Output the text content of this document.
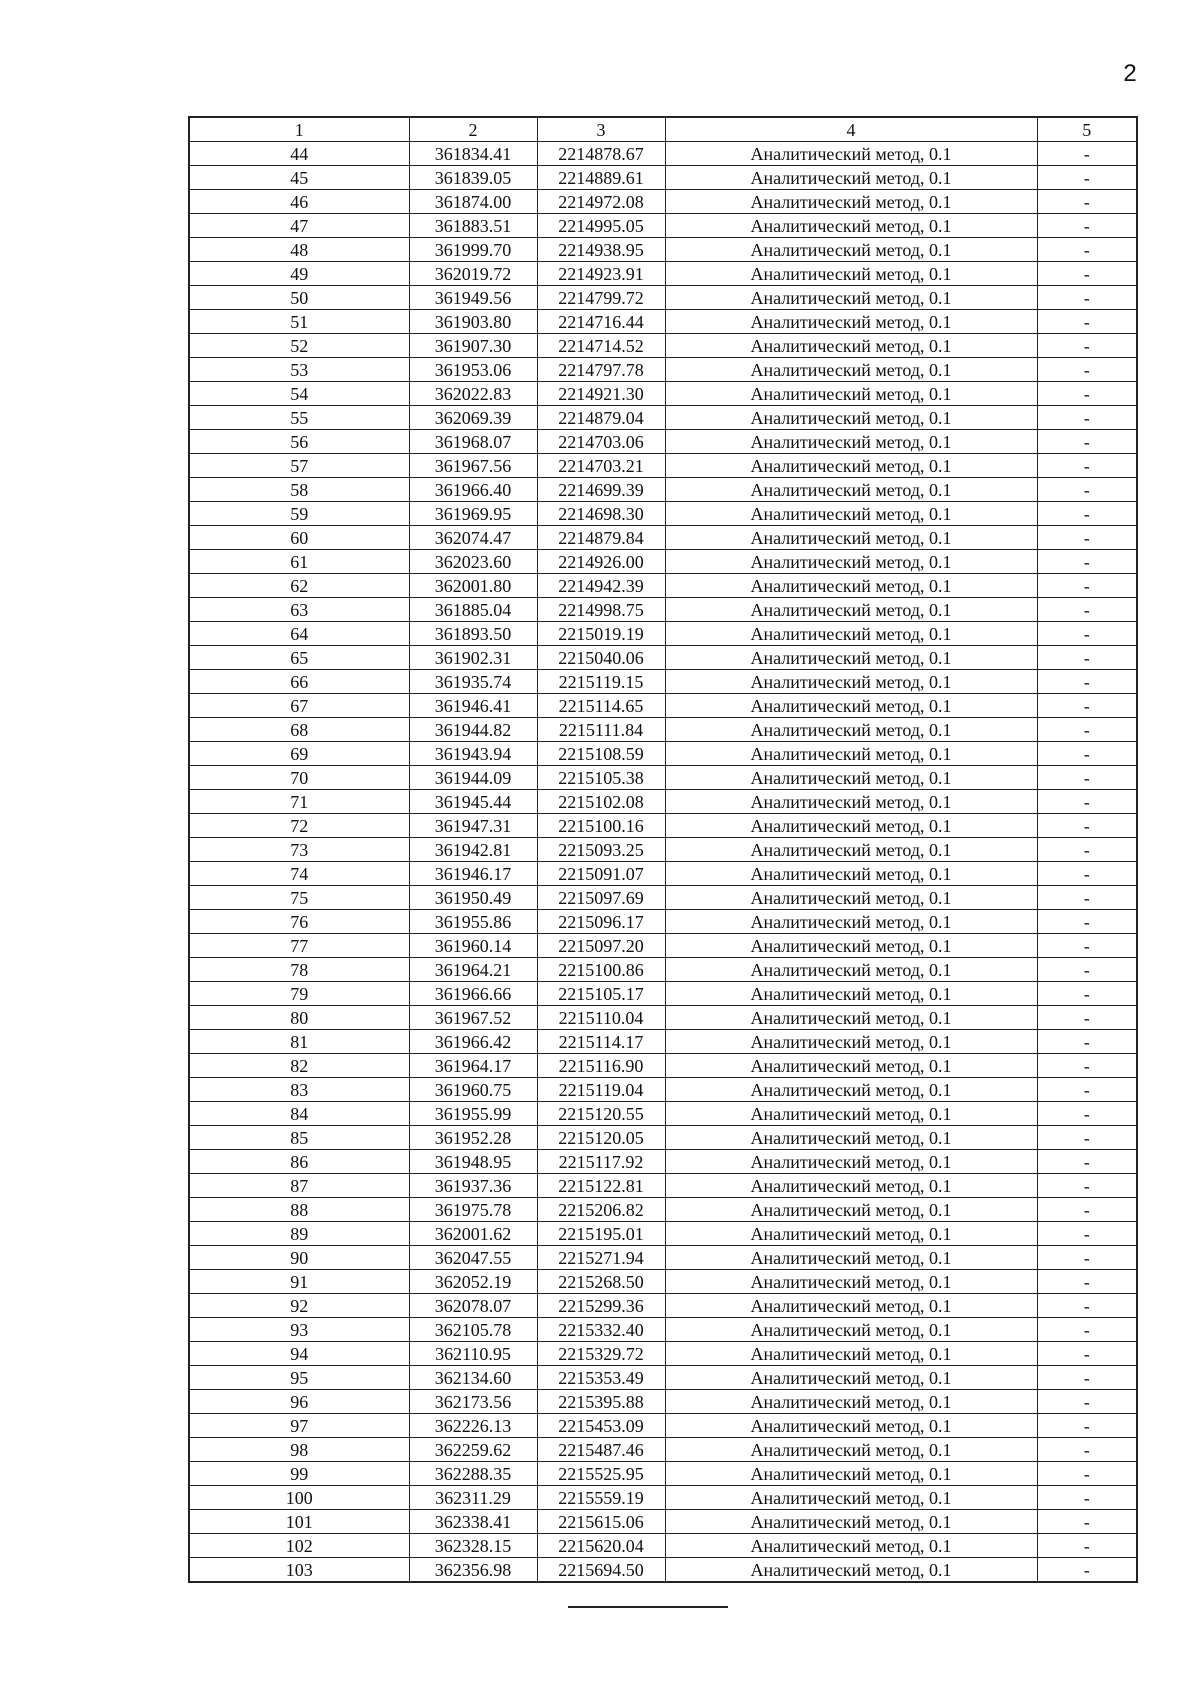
2
1	2	3	4	5
44	361834.41	2214878.67	Аналитический метод, 0.1	-
45	361839.05	2214889.61	Аналитический метод, 0.1	-
46	361874.00	2214972.08	Аналитический метод, 0.1	-
47	361883.51	2214995.05	Аналитический метод, 0.1	-
48	361999.70	2214938.95	Аналитический метод, 0.1	-
49	362019.72	2214923.91	Аналитический метод, 0.1	-
50	361949.56	2214799.72	Аналитический метод, 0.1	-
51	361903.80	2214716.44	Аналитический метод, 0.1	-
52	361907.30	2214714.52	Аналитический метод, 0.1	-
53	361953.06	2214797.78	Аналитический метод, 0.1	-
54	362022.83	2214921.30	Аналитический метод, 0.1	-
55	362069.39	2214879.04	Аналитический метод, 0.1	-
56	361968.07	2214703.06	Аналитический метод, 0.1	-
57	361967.56	2214703.21	Аналитический метод, 0.1	-
58	361966.40	2214699.39	Аналитический метод, 0.1	-
59	361969.95	2214698.30	Аналитический метод, 0.1	-
60	362074.47	2214879.84	Аналитический метод, 0.1	-
61	362023.60	2214926.00	Аналитический метод, 0.1	-
62	362001.80	2214942.39	Аналитический метод, 0.1	-
63	361885.04	2214998.75	Аналитический метод, 0.1	-
64	361893.50	2215019.19	Аналитический метод, 0.1	-
65	361902.31	2215040.06	Аналитический метод, 0.1	-
66	361935.74	2215119.15	Аналитический метод, 0.1	-
67	361946.41	2215114.65	Аналитический метод, 0.1	-
68	361944.82	2215111.84	Аналитический метод, 0.1	-
69	361943.94	2215108.59	Аналитический метод, 0.1	-
70	361944.09	2215105.38	Аналитический метод, 0.1	-
71	361945.44	2215102.08	Аналитический метод, 0.1	-
72	361947.31	2215100.16	Аналитический метод, 0.1	-
73	361942.81	2215093.25	Аналитический метод, 0.1	-
74	361946.17	2215091.07	Аналитический метод, 0.1	-
75	361950.49	2215097.69	Аналитический метод, 0.1	-
76	361955.86	2215096.17	Аналитический метод, 0.1	-
77	361960.14	2215097.20	Аналитический метод, 0.1	-
78	361964.21	2215100.86	Аналитический метод, 0.1	-
79	361966.66	2215105.17	Аналитический метод, 0.1	-
80	361967.52	2215110.04	Аналитический метод, 0.1	-
81	361966.42	2215114.17	Аналитический метод, 0.1	-
82	361964.17	2215116.90	Аналитический метод, 0.1	-
83	361960.75	2215119.04	Аналитический метод, 0.1	-
84	361955.99	2215120.55	Аналитический метод, 0.1	-
85	361952.28	2215120.05	Аналитический метод, 0.1	-
86	361948.95	2215117.92	Аналитический метод, 0.1	-
87	361937.36	2215122.81	Аналитический метод, 0.1	-
88	361975.78	2215206.82	Аналитический метод, 0.1	-
89	362001.62	2215195.01	Аналитический метод, 0.1	-
90	362047.55	2215271.94	Аналитический метод, 0.1	-
91	362052.19	2215268.50	Аналитический метод, 0.1	-
92	362078.07	2215299.36	Аналитический метод, 0.1	-
93	362105.78	2215332.40	Аналитический метод, 0.1	-
94	362110.95	2215329.72	Аналитический метод, 0.1	-
95	362134.60	2215353.49	Аналитический метод, 0.1	-
96	362173.56	2215395.88	Аналитический метод, 0.1	-
97	362226.13	2215453.09	Аналитический метод, 0.1	-
98	362259.62	2215487.46	Аналитический метод, 0.1	-
99	362288.35	2215525.95	Аналитический метод, 0.1	-
100	362311.29	2215559.19	Аналитический метод, 0.1	-
101	362338.41	2215615.06	Аналитический метод, 0.1	-
102	362328.15	2215620.04	Аналитический метод, 0.1	-
103	362356.98	2215694.50	Аналитический метод, 0.1	-
